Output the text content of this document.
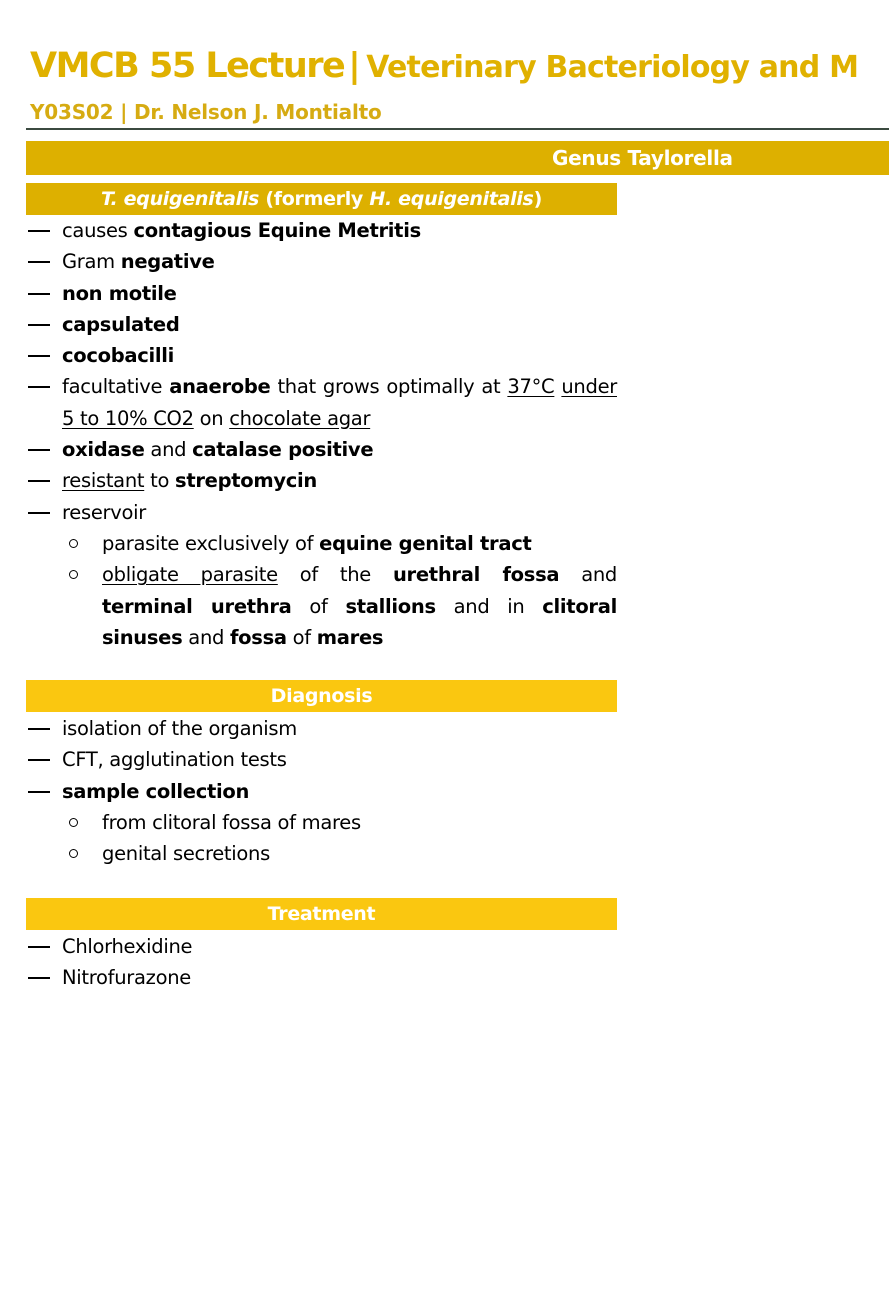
VMCB 55 Lecture | Veterinary Bacteriology and M
Y03S02 | Dr. Nelson J. Montialto
Genus Taylorella
T. equigenitalis (formerly H. equigenitalis)
causes contagious Equine Metritis
Gram negative
non motile
capsulated
cocobacilli
facultative anaerobe that grows optimally at 37°C under 5 to 10% CO2 on chocolate agar
oxidase and catalase positive
resistant to streptomycin
reservoir
parasite exclusively of equine genital tract
obligate parasite of the urethral fossa and terminal urethra of stallions and in clitoral sinuses and fossa of mares
Diagnosis
isolation of the organism
CFT, agglutination tests
sample collection
from clitoral fossa of mares
genital secretions
Treatment
Chlorhexidine
Nitrofurazone
